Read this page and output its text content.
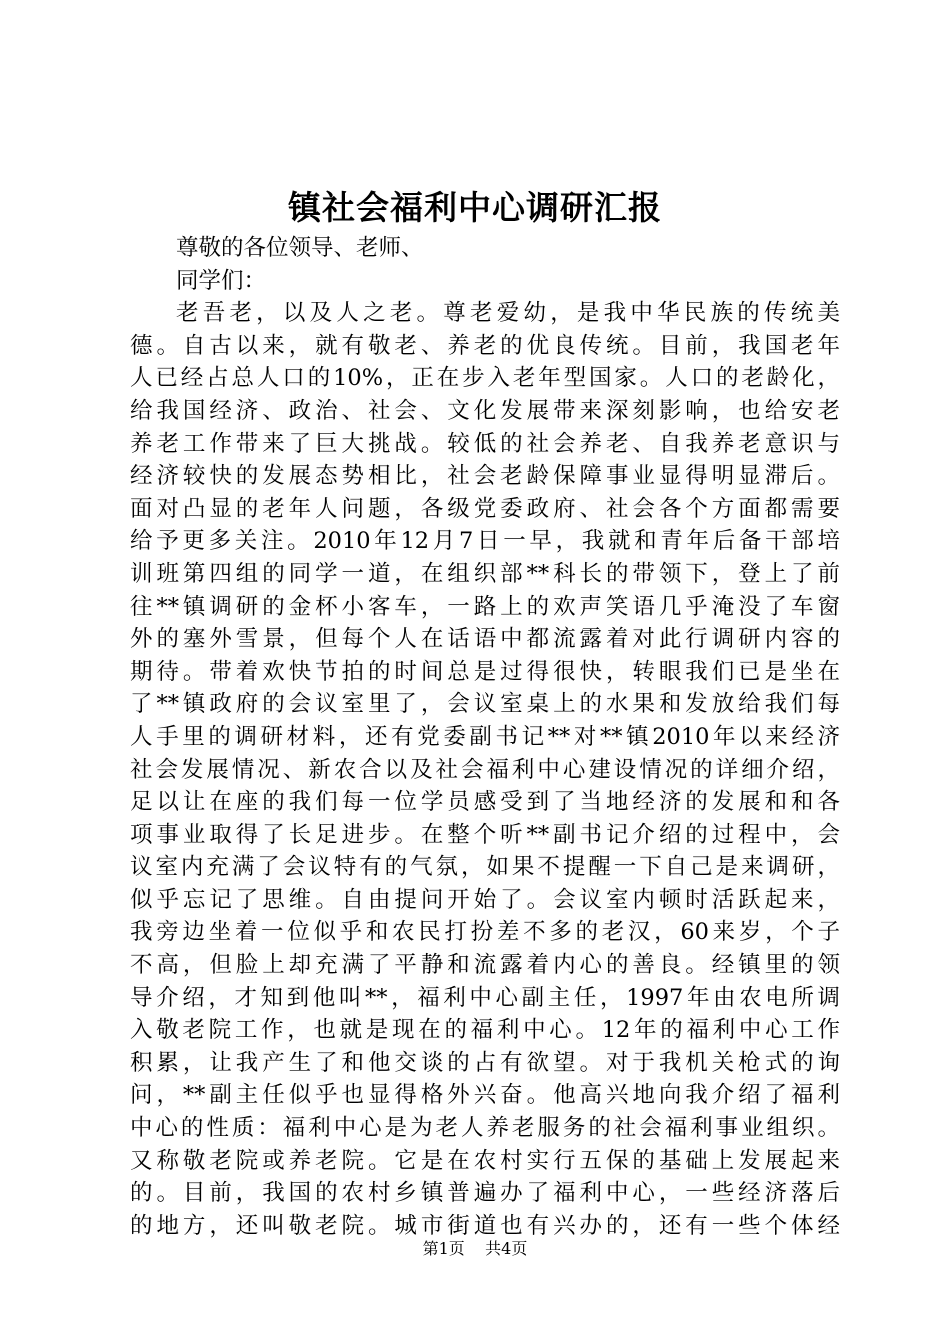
镇社会福利中心调研汇报
尊敬的各位领导、老师、
同学们：
老吾老，以及人之老。尊老爱幼，是我中华民族的传统美
德。自古以来，就有敬老、养老的优良传统。目前，我国老年
人已经占总人口的10%，正在步入老年型国家。人口的老龄化，
给我国经济、政治、社会、文化发展带来深刻影响，也给安老
养老工作带来了巨大挑战。较低的社会养老、自我养老意识与
经济较快的发展态势相比，社会老龄保障事业显得明显滞后。
面对凸显的老年人问题，各级党委政府、社会各个方面都需要
给予更多关注。2010年12月7日一早，我就和青年后备干部培
训班第四组的同学一道，在组织部**科长的带领下，登上了前
往**镇调研的金杯小客车，一路上的欢声笑语几乎淹没了车窗
外的塞外雪景，但每个人在话语中都流露着对此行调研内容的
期待。带着欢快节拍的时间总是过得很快，转眼我们已是坐在
了**镇政府的会议室里了，会议室桌上的水果和发放给我们每
人手里的调研材料，还有党委副书记**对**镇2010年以来经济
社会发展情况、新农合以及社会福利中心建设情况的详细介绍，
足以让在座的我们每一位学员感受到了当地经济的发展和和各
项事业取得了长足进步。在整个听**副书记介绍的过程中，会
议室内充满了会议特有的气氛，如果不提醒一下自己是来调研，
似乎忘记了思维。自由提问开始了。会议室内顿时活跃起来，
我旁边坐着一位似乎和农民打扮差不多的老汉，60来岁，个子
不高，但脸上却充满了平静和流露着内心的善良。经镇里的领
导介绍，才知到他叫**，福利中心副主任，1997年由农电所调
入敬老院工作，也就是现在的福利中心。12年的福利中心工作
积累，让我产生了和他交谈的占有欲望。对于我机关枪式的询
问，**副主任似乎也显得格外兴奋。他高兴地向我介绍了福利
中心的性质：福利中心是为老人养老服务的社会福利事业组织。
又称敬老院或养老院。它是在农村实行五保的基础上发展起来
的。目前，我国的农村乡镇普遍办了福利中心，一些经济落后
的地方，还叫敬老院。城市街道也有兴办的，还有一些个体经
第1页 共4页
